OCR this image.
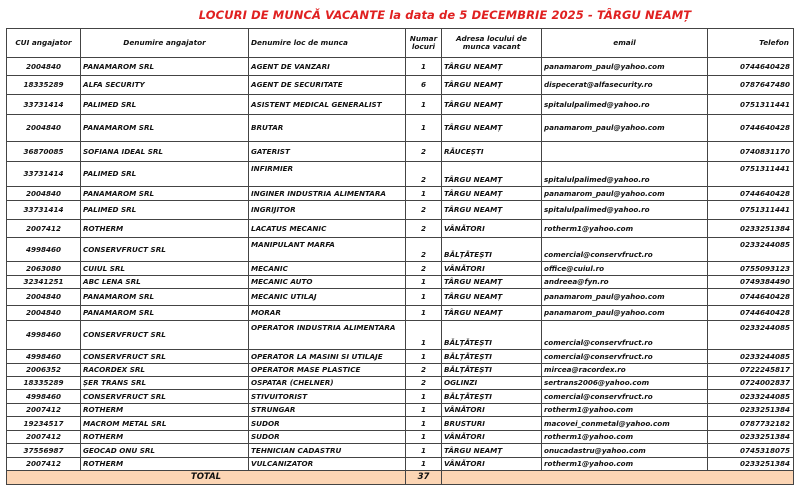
LOCURI DE MUNCĂ VACANTE la data de 5 DECEMBRIE 2025 - TÂRGU NEAMȚ
CUI angajator	Denumire angajator	Denumire loc de munca	Numar locuri	Adresa locului de munca vacant	email	Telefon
2004840	PANAMAROM SRL	AGENT DE VANZARI	1	TÂRGU NEAMȚ	panamarom_paul@yahoo.com	0744640428
18335289	ALFA SECURITY	AGENT DE SECURITATE	6	TÂRGU NEAMȚ	dispecerat@alfasecurity.ro	0787647480
33731414	PALIMED SRL	ASISTENT MEDICAL GENERALIST	1	TÂRGU NEAMȚ	spitalulpalimed@yahoo.ro	0751311441
2004840	PANAMAROM SRL	BRUTAR	1	TÂRGU NEAMȚ	panamarom_paul@yahoo.com	0744640428
36870085	SOFIANA IDEAL SRL	GATERIST	2	RĂUCEȘTI		0740831170
33731414	PALIMED SRL	INFIRMIER	2	TÂRGU NEAMȚ	spitalulpalimed@yahoo.ro	0751311441
2004840	PANAMAROM SRL	INGINER INDUSTRIA ALIMENTARA	1	TÂRGU NEAMȚ	panamarom_paul@yahoo.com	0744640428
33731414	PALIMED SRL	INGRIJITOR	2	TÂRGU NEAMȚ	spitalulpalimed@yahoo.ro	0751311441
2007412	ROTHERM	LACATUS MECANIC	2	VÂNĂTORI	rotherm1@yahoo.com	0233251384
4998460	CONSERVFRUCT SRL	MANIPULANT MARFA	2	BĂLȚĂTEȘTI	comercial@conservfruct.ro	0233244085
2063080	CUIUL SRL	MECANIC	2	VÂNĂTORI	office@cuiul.ro	0755093123
32341251	ABC LENA SRL	MECANIC AUTO	1	TÂRGU NEAMȚ	andreea@fyn.ro	0749384490
2004840	PANAMAROM SRL	MECANIC UTILAJ	1	TÂRGU NEAMȚ	panamarom_paul@yahoo.com	0744640428
2004840	PANAMAROM SRL	MORAR	1	TÂRGU NEAMȚ	panamarom_paul@yahoo.com	0744640428
4998460	CONSERVFRUCT SRL	OPERATOR INDUSTRIA ALIMENTARA	1	BĂLȚĂTEȘTI	comercial@conservfruct.ro	0233244085
4998460	CONSERVFRUCT SRL	OPERATOR LA MASINI SI UTILAJE	1	BĂLȚĂTEȘTI	comercial@conservfruct.ro	0233244085
2006352	RACORDEX SRL	OPERATOR MASE PLASTICE	2	BĂLȚĂTEȘTI	mircea@racordex.ro	0722245817
18335289	ȘER TRANS SRL	OSPATAR (CHELNER)	2	OGLINZI	sertrans2006@yahoo.com	0724002837
4998460	CONSERVFRUCT SRL	STIVUITORIST	1	BĂLȚĂTEȘTI	comercial@conservfruct.ro	0233244085
2007412	ROTHERM	STRUNGAR	1	VÂNĂTORI	rotherm1@yahoo.com	0233251384
19234517	MACROM METAL SRL	SUDOR	1	BRUSTURI	macovei_conmetal@yahoo.com	0787732182
2007412	ROTHERM	SUDOR	1	VÂNĂTORI	rotherm1@yahoo.com	0233251384
37556987	GEOCAD ONU SRL	TEHNICIAN CADASTRU	1	TÂRGU NEAMȚ	onucadastru@yahoo.com	0745318075
2007412	ROTHERM	VULCANIZATOR	1	VÂNĂTORI	rotherm1@yahoo.com	0233251384
TOTAL			37			
